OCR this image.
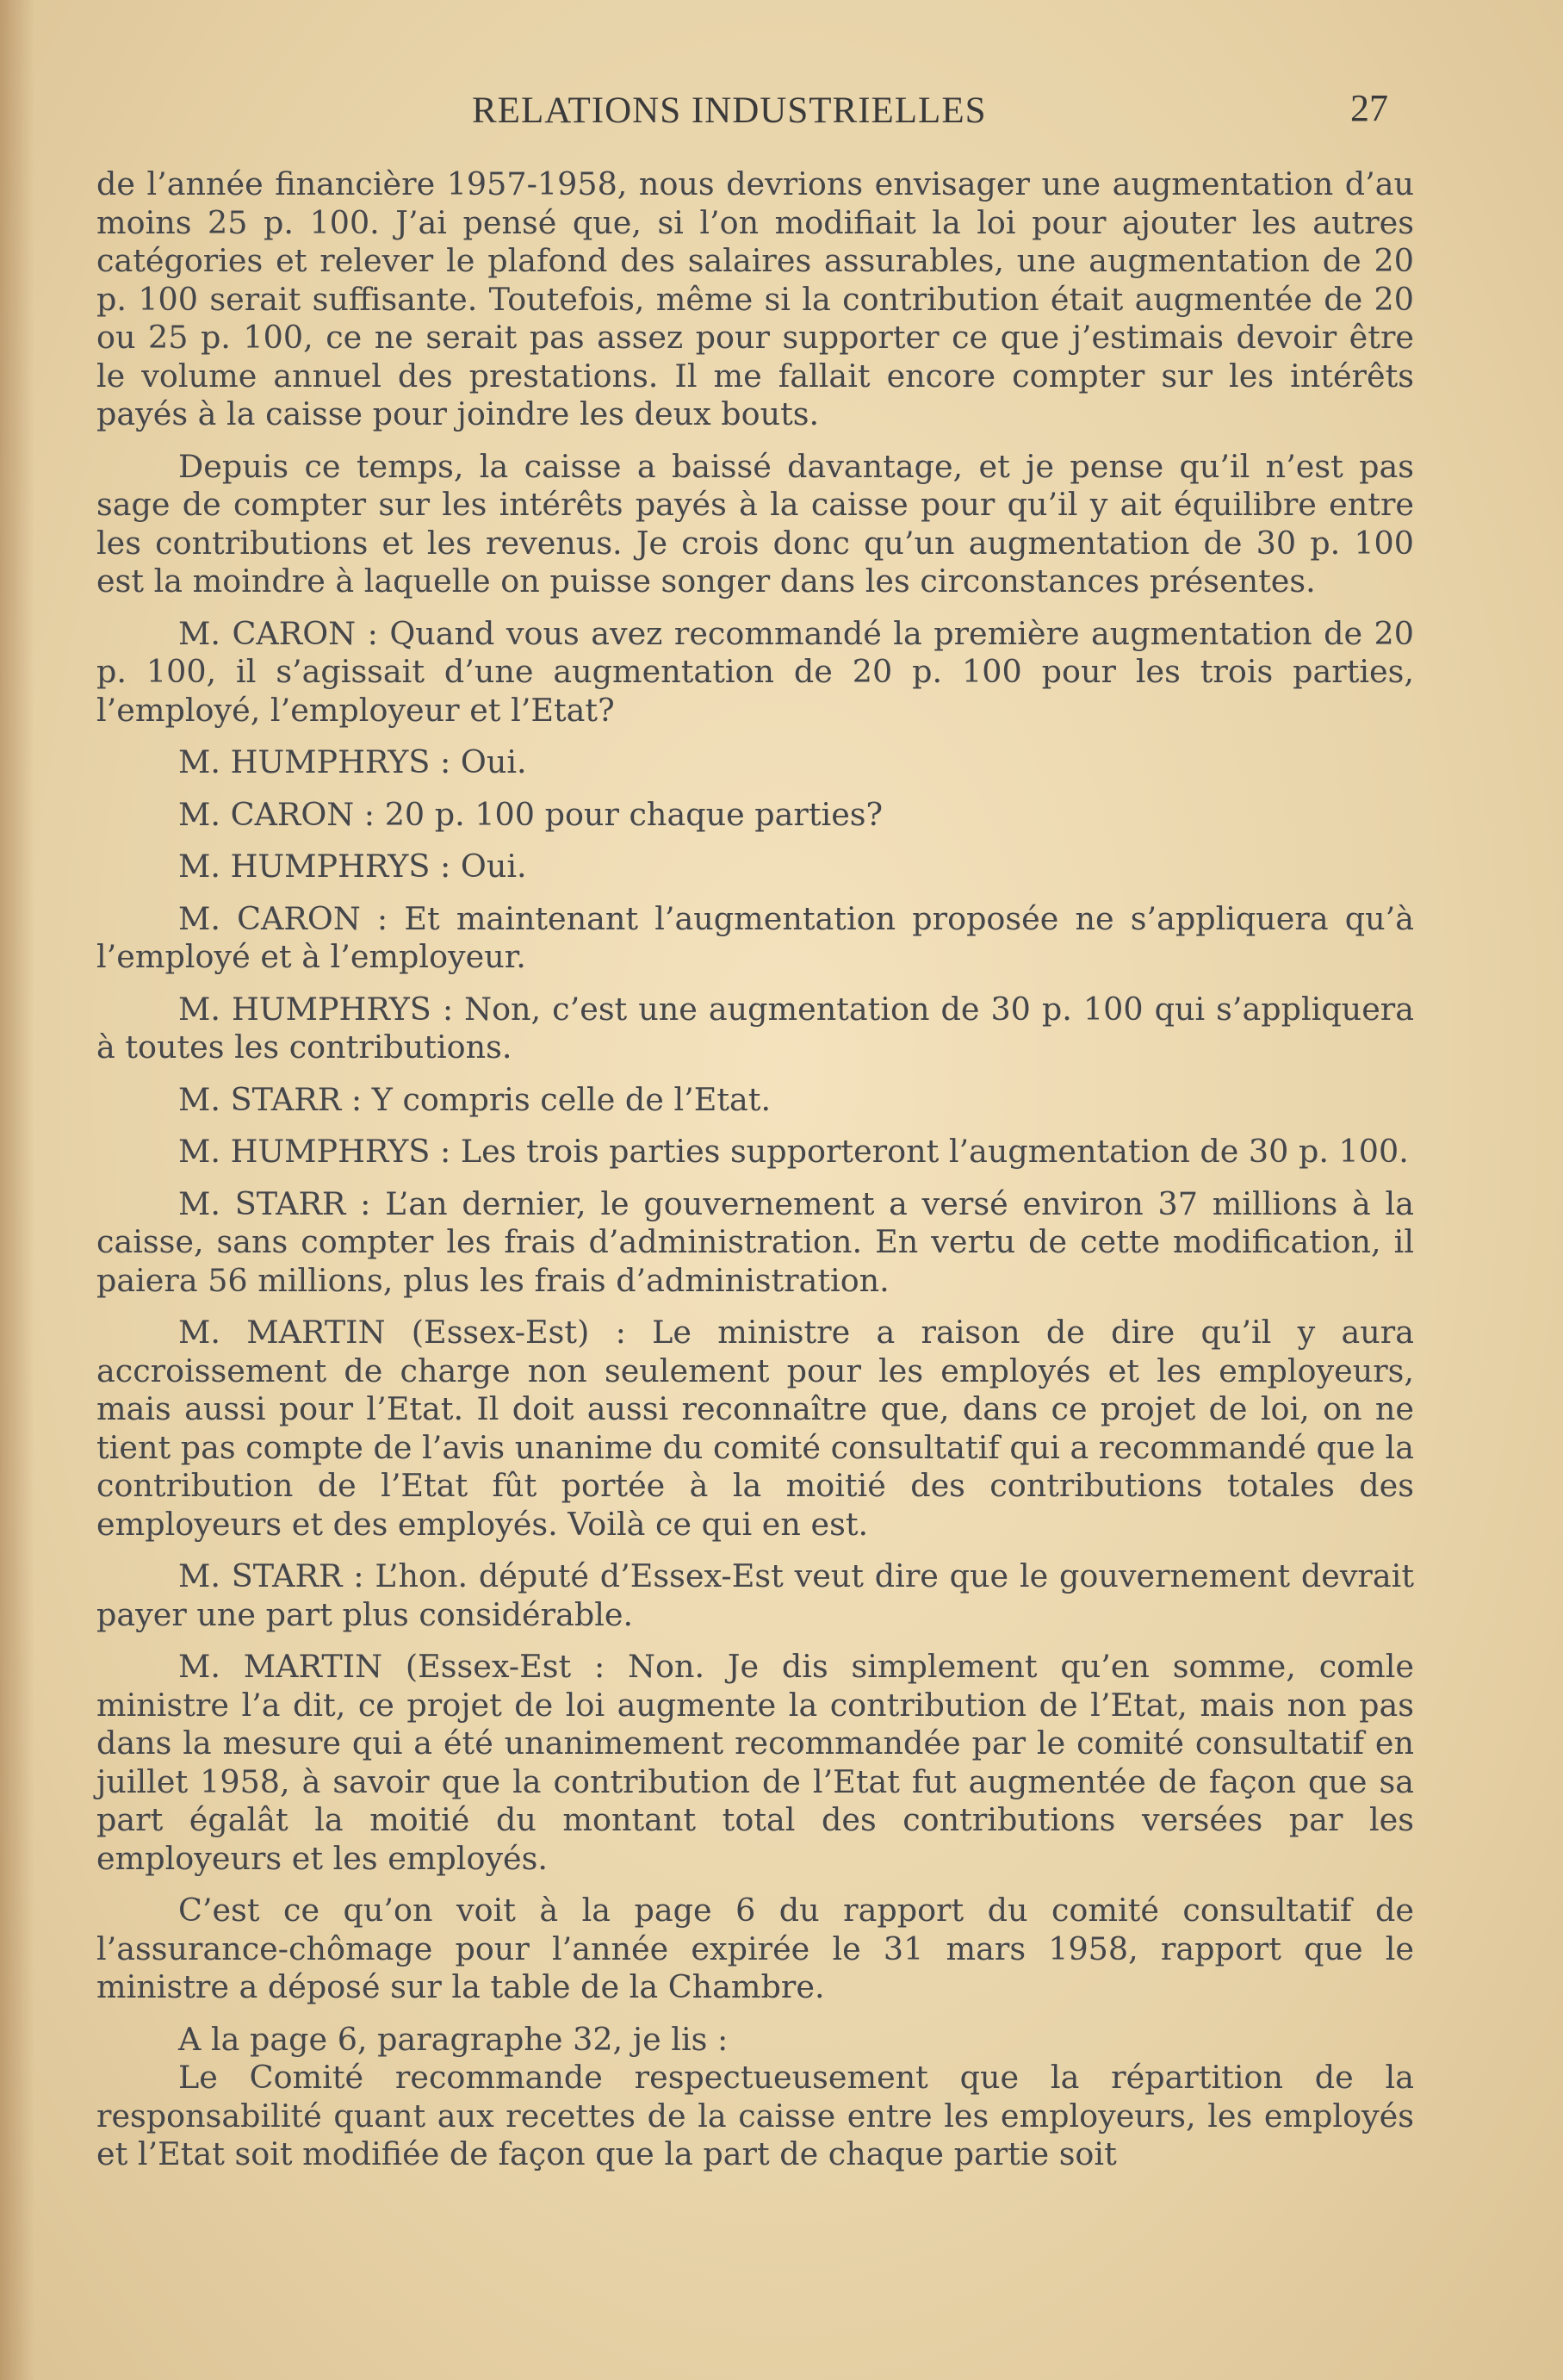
RELATIONS INDUSTRIELLES	27

de l’année financière 1957-1958, nous devrions envisager une augmentation d’au moins 25 p. 100. J’ai pensé que, si l’on modifiait la loi pour ajouter les autres catégories et relever le plafond des salaires assurables, une augmentation de 20 p. 100 serait suffisante. Toutefois, même si la contribution était augmentée de 20 ou 25 p. 100, ce ne serait pas assez pour supporter ce que j’estimais devoir être le volume annuel des prestations. Il me fallait encore compter sur les intérêts payés à la caisse pour joindre les deux bouts.

Depuis ce temps, la caisse a baissé davantage, et je pense qu’il n’est pas sage de compter sur les intérêts payés à la caisse pour qu’il y ait équilibre entre les contributions et les revenus. Je crois donc qu’un augmentation de 30 p. 100 est la moindre à laquelle on puisse songer dans les circonstances présentes.

M. CARON : Quand vous avez recommandé la première augmentation de 20 p. 100, il s’agissait d’une augmentation de 20 p. 100 pour les trois parties, l’employé, l’employeur et l’Etat?

M. HUMPHRYS : Oui.

M. CARON : 20 p. 100 pour chaque parties?

M. HUMPHRYS : Oui.

M. CARON : Et maintenant l’augmentation proposée ne s’appliquera qu’à l’employé et à l’employeur.

M. HUMPHRYS : Non, c’est une augmentation de 30 p. 100 qui s’appliquera à toutes les contributions.

M. STARR : Y compris celle de l’Etat.

M. HUMPHRYS : Les trois parties supporteront l’augmentation de 30 p. 100.

M. STARR : L’an dernier, le gouvernement a versé environ 37 millions à la caisse, sans compter les frais d’administration. En vertu de cette modification, il paiera 56 millions, plus les frais d’administration.

M. MARTIN (Essex-Est) : Le ministre a raison de dire qu’il y aura accroissement de charge non seulement pour les employés et les employeurs, mais aussi pour l’Etat. Il doit aussi reconnaître que, dans ce projet de loi, on ne tient pas compte de l’avis unanime du comité consultatif qui a recommandé que la contribution de l’Etat fût portée à la moitié des contributions totales des employeurs et des employés. Voilà ce qui en est.

M. STARR : L’hon. député d’Essex-Est veut dire que le gouvernement devrait payer une part plus considérable.

M. MARTIN (Essex-Est : Non. Je dis simplement qu’en somme, comle ministre l’a dit, ce projet de loi augmente la contribution de l’Etat, mais non pas dans la mesure qui a été unanimement recommandée par le comité consultatif en juillet 1958, à savoir que la contribution de l’Etat fut augmentée de façon que sa part égalât la moitié du montant total des contributions versées par les employeurs et les employés.

C’est ce qu’on voit à la page 6 du rapport du comité consultatif de l’assurance-chômage pour l’année expirée le 31 mars 1958, rapport que le ministre a déposé sur la table de la Chambre.

A la page 6, paragraphe 32, je lis :

Le Comité recommande respectueusement que la répartition de la responsabilité quant aux recettes de la caisse entre les employeurs, les employés et l’Etat soit modifiée de façon que la part de chaque partie soit
